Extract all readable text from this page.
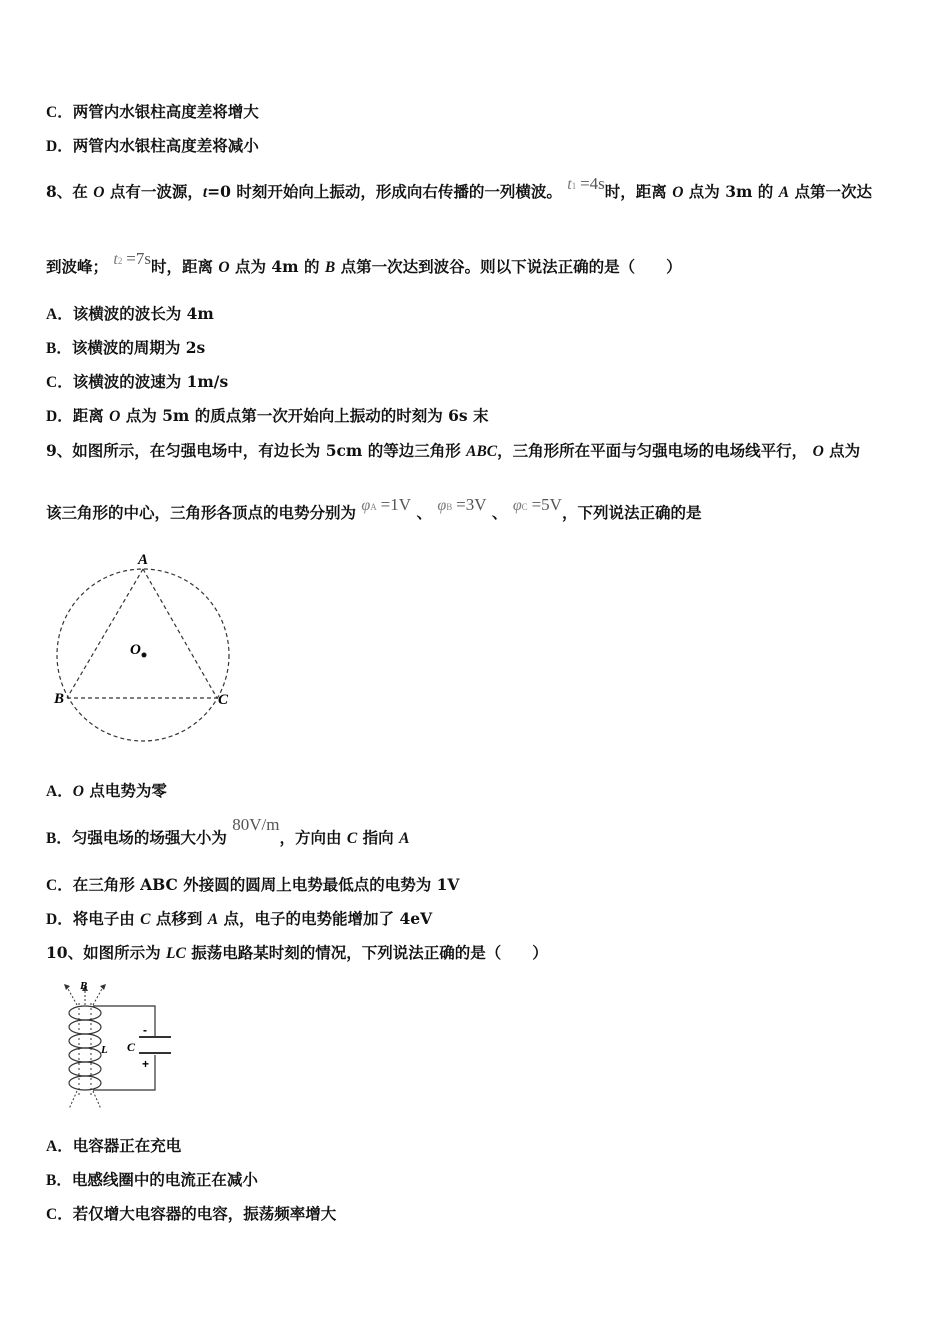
C．两管内水银柱高度差将增大
D．两管内水银柱高度差将减小
8、在 O 点有一波源，t=0 时刻开始向上振动，形成向右传播的一列横波。 t1 =4s时，距离 O 点为 3m 的 A 点第一次达
到波峰； t2 =7s时，距离 O 点为 4m 的 B 点第一次达到波谷。则以下说法正确的是（　　）
A．该横波的波长为 4m
B．该横波的周期为 2s
C．该横波的波速为 1m/s
D．距离 O 点为 5m 的质点第一次开始向上振动的时刻为 6s 末
9、如图所示，在匀强电场中，有边长为 5cm 的等边三角形 ABC，三角形所在平面与匀强电场的电场线平行， O 点为
该三角形的中心，三角形各顶点的电势分别为 φA =1V 、 φB =3V 、 φC =5V，下列说法正确的是
A
B	C
O
A．O 点电势为零
B．匀强电场的场强大小为 80V/m，方向由 C 指向 A
C．在三角形 ABC 外接圆的圆周上电势最低点的电势为 1V
D．将电子由 C 点移到 A 点，电子的电势能增加了 4eV
10、如图所示为 LC 振荡电路某时刻的情况，下列说法正确的是（　　）
B
L
-
+
C
A．电容器正在充电
B．电感线圈中的电流正在减小
C．若仅增大电容器的电容，振荡频率增大
